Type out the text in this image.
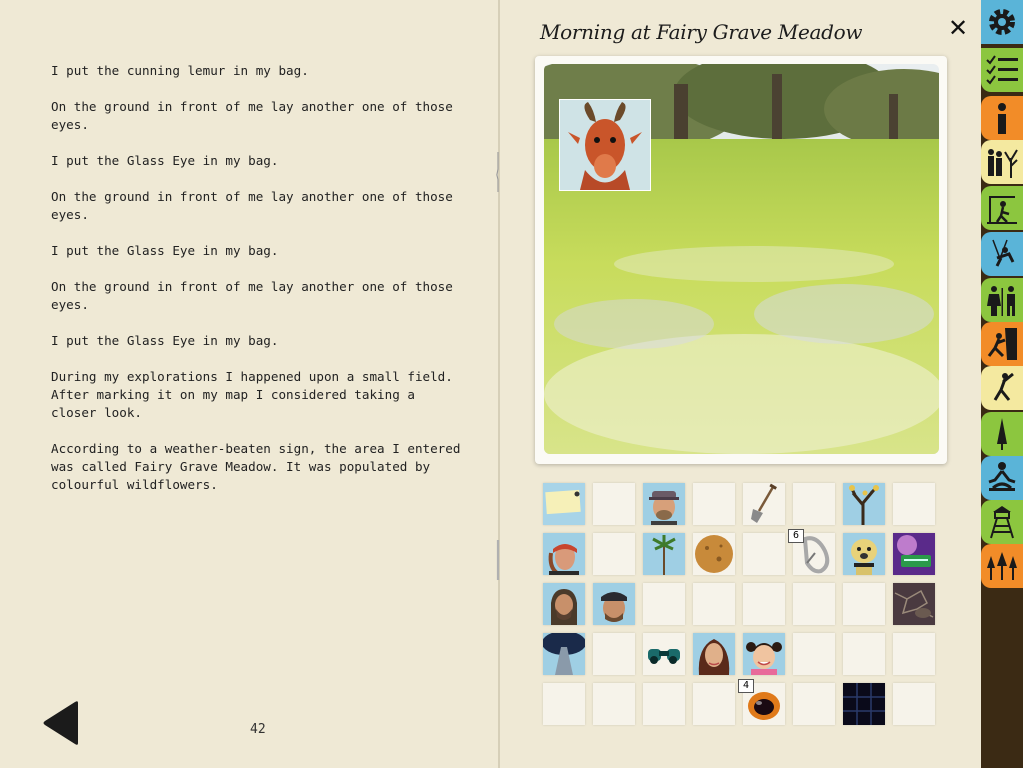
I put the cunning lemur in my bag.

On the ground in front of me lay another one of those eyes.

I put the Glass Eye in my bag.

On the ground in front of me lay another one of those eyes.

I put the Glass Eye in my bag.

On the ground in front of me lay another one of those eyes.

I put the Glass Eye in my bag.

During my explorations I happened upon a small field. After marking it on my map I considered taking a closer look.

According to a weather-beaten sign, the area I entered was called Fairy Grave Meadow. It was populated by colourful wildflowers.

42
Morning at Fairy Grave Meadow	✕
6
4
